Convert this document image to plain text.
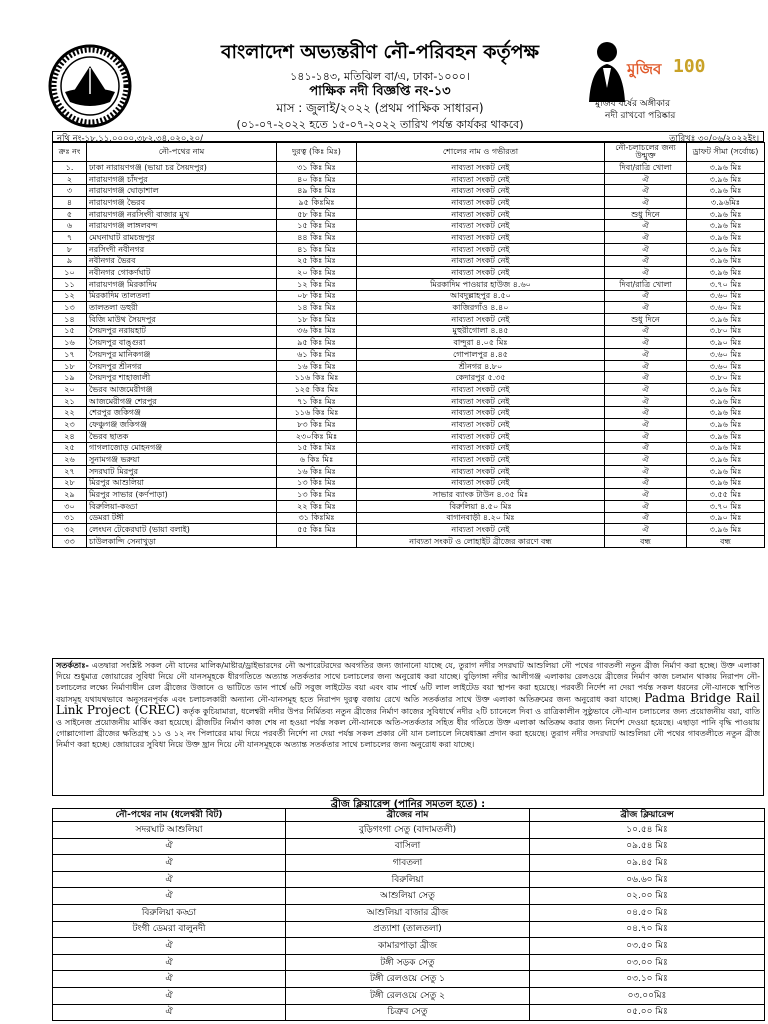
বাংলাদেশ অভ্যন্তরীণ নৌ-পরিবহন কর্তৃপক্ষ
১৪১-১৪৩, মতিঝিল বা/এ, ঢাকা-১০০০।
পাক্ষিক নদী বিজ্ঞপ্তি নং-১৩
মাস : জুলাই/২০২২ (প্রথম পাক্ষিক সাধারন)
(০১-০৭-২০২২ হতে ১৫-০৭-২০২২ তারিখ পর্যন্ত কার্যকর থাকবে)
মুজিব 100
মুজিব বর্ষের অঙ্গীকার
নদী রাখবো পরিষ্কার
নথি নং-১৮.১১.০০০০.৩৮২.৩৪.০২০.২০/	তারিখঃ ৩০/০৬/২০২২ইং।
ক্রঃ নং	নৌ-পথের নাম	দুরত্ব (কিঃ মিঃ)	শোলের নাম ও গভীরতা	নৌ-চলাচলের জন্য উন্মুক্ত	ড্রাফট সীমা (সর্বোচ্চ)
১.	ঢাকা নারায়ণগঞ্জ (ভায়া চর সৈয়দপুর)	৩১ কিঃ মিঃ	নাব্যতা সংকট নেই	দিবা/রাত্রি খোলা	৩.৯৬ মিঃ
২	নারায়ণগঞ্জ চাঁদপুর	৪০ কিঃ মিঃ	নাব্যতা সংকট নেই	ঐ	৩.৯৬ মিঃ
৩	নারায়ণগঞ্জ ঘোড়াশাল	৪৯ কিঃ মিঃ	নাব্যতা সংকট নেই	ঐ	৩.৯৬ মিঃ
৪	নারায়ণগঞ্জ ভৈরব	৯৫ কিঃমিঃ	নাব্যতা সংকট নেই	ঐ	৩.৯৬মিঃ
৫	নারায়ণগঞ্জ নরসিংদী বাজার মুখ	৫৮ কিঃ মিঃ	নাব্যতা সংকট নেই	শুধু দিনে	৩.৯৬ মিঃ
৬	নারায়ণগঞ্জ লাঙ্গলবন্দ	১৫ কিঃ মিঃ	নাব্যতা সংকট নেই	ঐ	৩.৯৬ মিঃ
৭	মেঘনাঘাট রামচন্দ্রপুর	৪৪ কিঃ মিঃ	নাব্যতা সংকট নেই	ঐ	৩.৯৬ মিঃ
৮	নরসিংদী নবীনগর	৪১ কিঃ মিঃ	নাব্যতা সংকট নেই	ঐ	৩.৯৬ মিঃ
৯	নবীনগর ভৈরব	২৫ কিঃ মিঃ	নাব্যতা সংকট নেই	ঐ	৩.৯৬ মিঃ
১০	নবীনগর গোকর্ণঘাট	২০ কিঃ মিঃ	নাব্যতা সংকট নেই	ঐ	৩.৯৬ মিঃ
১১	নারায়ণগঞ্জ মিরকাদিম	১২ কিঃ মিঃ	মিরকাদিম পাওয়ার হাউজ ৪.৬০	দিবা/রাত্রি খোলা	৩.৭০ মিঃ
১২	মিরকাদিম তালতলা	০৮ কিঃ মিঃ	আবদুল্লাহপুর ৪.৫০	ঐ	৩.৬০ মিঃ
১৩	তালতলা ডহুরী	১৪ কিঃ মিঃ	কাজিরগাঁও ৪.৪০	ঐ	৩.৬০ মিঃ
১৪	বিজি মাউথ সৈয়দপুর	১৮ কিঃ মিঃ	নাব্যতা সংকট নেই	শুধু দিনে	৩.৯৬ মিঃ
১৫	সৈয়দপুর নরায়হাট	৩৬ কিঃ মিঃ	মুহুরীগোলা ৪.৪৫	ঐ	৩.৮০ মিঃ
১৬	সৈয়দপুর বাঙ্গুরা	৯৫ কিঃ মিঃ	বান্দুরা ৪.০৫ মিঃ	ঐ	৩.৯০ মিঃ
১৭	সৈয়দপুর মানিকগঞ্জ	৬১ কিঃ মিঃ	গোপালপুর ৪.৪৫	ঐ	৩.৬০ মিঃ
১৮	সৈয়দপুর শ্রীনগর	১৬ কিঃ মিঃ	শ্রীনগর ৪.৮০	ঐ	৩.৬০ মিঃ
১৯	সৈয়দপুর শাহাজালী	১১৬ কিঃ মিঃ	কেদারপুর ৫.৩৫	ঐ	৩.৮০ মিঃ
২০	ভৈরব আজমেরীগঞ্জ	১২৫ কিঃ মিঃ	নাব্যতা সংকট নেই	ঐ	৩.৯৬ মিঃ
২১	আজমেরীগঞ্জ শেরপুর	৭১ কিঃ মিঃ	নাব্যতা সংকট নেই	ঐ	৩.৯৬ মিঃ
২২	শেরপুর জকিগঞ্জ	১১৬ কিঃ মিঃ	নাব্যতা সংকট নেই	ঐ	৩.৯৬ মিঃ
২৩	ফেঞ্চুগঞ্জ জকিগঞ্জ	৮৩ কিঃ মিঃ	নাব্যতা সংকট নেই	ঐ	৩.৯৬ মিঃ
২৪	ভৈরব ছাতক	২৩০কিঃ মিঃ	নাব্যতা সংকট নেই	ঐ	৩.৯৬ মিঃ
২৫	গাগলাজোড় মোহনগঞ্জ	১৫ কিঃ মিঃ	নাব্যতা সংকট নেই	ঐ	৩.৯৬ মিঃ
২৬	সুনামগঞ্জ ভরুয়া	৬ কিঃ মিঃ	নাব্যতা সংকট নেই	ঐ	৩.৯৬ মিঃ
২৭	সদরঘাট মিরপুর	১৬ কিঃ মিঃ	নাব্যতা সংকট নেই	ঐ	৩.৯৬ মিঃ
২৮	মিরপুর আশুলিয়া	১৩ কিঃ মিঃ	নাব্যতা সংকট নেই	ঐ	৩.৯৬ মিঃ
২৯	মিরপুর সাভার (কর্ণপাড়া)	১৩ কিঃ মিঃ	সাভার ব্যাংক টাউন ৪.৩৫ মিঃ	ঐ	৩.৫৫ মিঃ
৩০	বিরুলিয়া-কড্ডা	২২ কিঃ মিঃ	বিরুলিয়া ৪.৫০ মিঃ	ঐ	৩.৭০ মিঃ
৩১	ডেমরা টঙ্গী	৩১ কিঃমিঃ	বাগানবাড়ী ৪.২০ মিঃ	ঐ	৩.৯০ মিঃ
৩২	লেংঘন টেকেরঘাট (ভায়া বলাই)	৫৫ কিঃ মিঃ	নাব্যতা সংকট নেই	ঐ	৩.৯৬ মিঃ
৩৩	চাউলকান্দি সেনাখুড়া		নাব্যতা সংকট ও লোহাইট ব্রীজের কারণে বন্ধ	বন্ধ	বন্ধ
সতর্কতাঃ- এতদ্বারা সংশ্লিষ্ট সকল নৌ যানের মালিক/মাষ্টার/ড্রাইভারদের নৌ অপারেটরদের অবগতির জন্য জানানো যাচ্ছে যে, তুরাগ নদীর সদরঘাট আশুলিয়া নৌ পথের গাবতলী নতুন ব্রীজ নির্মাণ করা হচ্ছে। উক্ত এলাকা দিয়ে শুধুমাত্র জোয়ারের সুবিধা নিয়ে নৌ যানসমূহকে ধীরগতিতে অত্যান্ত সতর্কতার সাথে চলাচলের জন্য অনুরোধ করা যাচ্ছে। বুড়িগঙ্গা নদীর আলীগঞ্জ এলাকায় রেলওয়ে ব্রীজের নির্মাণ কাজ চলমান থাকায় নিরাপদ নৌ-চলাচলের লক্ষ্যে নির্মাণাধীন রেল ব্রীজের উজানে ও ভাটিতে ডান পার্শ্বে ৬টি সবুজ লাইটেড বয়া এবং বাম পার্শ্বে ৬টি লাল লাইটেড বয়া স্থাপন করা হয়েছে। পরবর্তী নির্দেশ না দেয়া পর্যন্ত সকল ধরনের নৌ-যানকে স্থাপিত বয়াসমূহ যথাযথভাবে অনুসরনপূর্বক এবং চলাচলকারী অন্যান্য নৌ-যানসমূহ হতে নিরাপদ দুরত্ব বজায় রেখে অতি সতর্কতার সাথে উক্ত এলাকা অতিক্রমের জন্য অনুরোধ করা যাচ্ছে। Padma Bridge Rail Link Project (CREC) কর্তৃক কুচিয়ামারা, ধলেশ্বরী নদীর উপর নির্মিতব্য নতুন ব্রীজের নির্মাণ কাজের সুবিধার্থে নদীর ২টি চ্যানেলে দিবা ও রাত্রিকালীন সুষ্ঠুভাবে নৌ-যান চলাচলের জন্য প্রয়োজনীয় বয়া, বাতি ও সাইনেজ প্রয়োজনীয় মার্কিং করা হয়েছে। ব্রীজটির নির্মাণ কাজ শেষ না হওয়া পর্যন্ত সকল নৌ-যানকে অতি-সতর্কতার সহিত ধীর গতিতে উক্ত এলাকা অতিক্রম করার জন্য নির্দেশ দেওয়া হয়েছে। এছাড়া পানি বৃদ্ধি পাওয়ায় গোল্লাগোলা ব্রীজের ক্ষতিগ্রস্থ ১১ ও ১২ নং পিলারের মাঝ দিয়ে পরবর্তী নির্দেশ না দেয়া পর্যন্ত সকল প্রকার নৌ যান চলাচলে নিষেধাজ্ঞা প্রদান করা হয়েছে। তুরাগ নদীর সদরঘাট আশুলিয়া নৌ পথের গাবতলীতে নতুন ব্রীজ নির্মাণ করা হচ্ছে। জোয়ারের সুবিধা নিয়ে উক্ত ছ্রান দিয়ে নৌ যানসমূহকে অত্যান্ত সতর্কতার সাথে চলাচলের জন্য অনুরোধ করা যাচ্ছে।
ব্রীজ ক্লিয়ারেন্স (পানির সমতল হতে) :
নৌ-পথের নাম (ধলেশ্বরী বিট)	ব্রীজের নাম	ব্রীজ ক্লিয়ারেন্স
সদরঘাট আশুলিয়া	বুড়িগংগা সেতু (বাদামতলী)	১০.৫৪ মিঃ
ঐ	বাসিলা	০৯.৫৪ মিঃ
ঐ	গাবতলা	০৯.৪৫ মিঃ
ঐ	বিরুলিয়া	০৬.৬০ মিঃ
ঐ	আশুলিয়া সেতু	০২.০০ মিঃ
বিরুলিয়া কড্ডা	আশুলিয়া বাজার ব্রীজ	০৪.৫০ মিঃ
টংগী ডেমরা বালুনদী	প্রত্যাশা (তালতলা)	০৪.৭০ মিঃ
ঐ	কামারপাড়া ব্রীজ	০৩.৫০ মিঃ
ঐ	টঙ্গী সড়ক সেতু	০৩.০০ মিঃ
ঐ	টঙ্গী রেলওয়ে সেতু ১	০৩.১০ মিঃ
ঐ	টঙ্গী রেলওয়ে সেতু ২	০৩.০০মিঃ
ঐ	চিত্রুব সেতু	০৫.০০ মিঃ
